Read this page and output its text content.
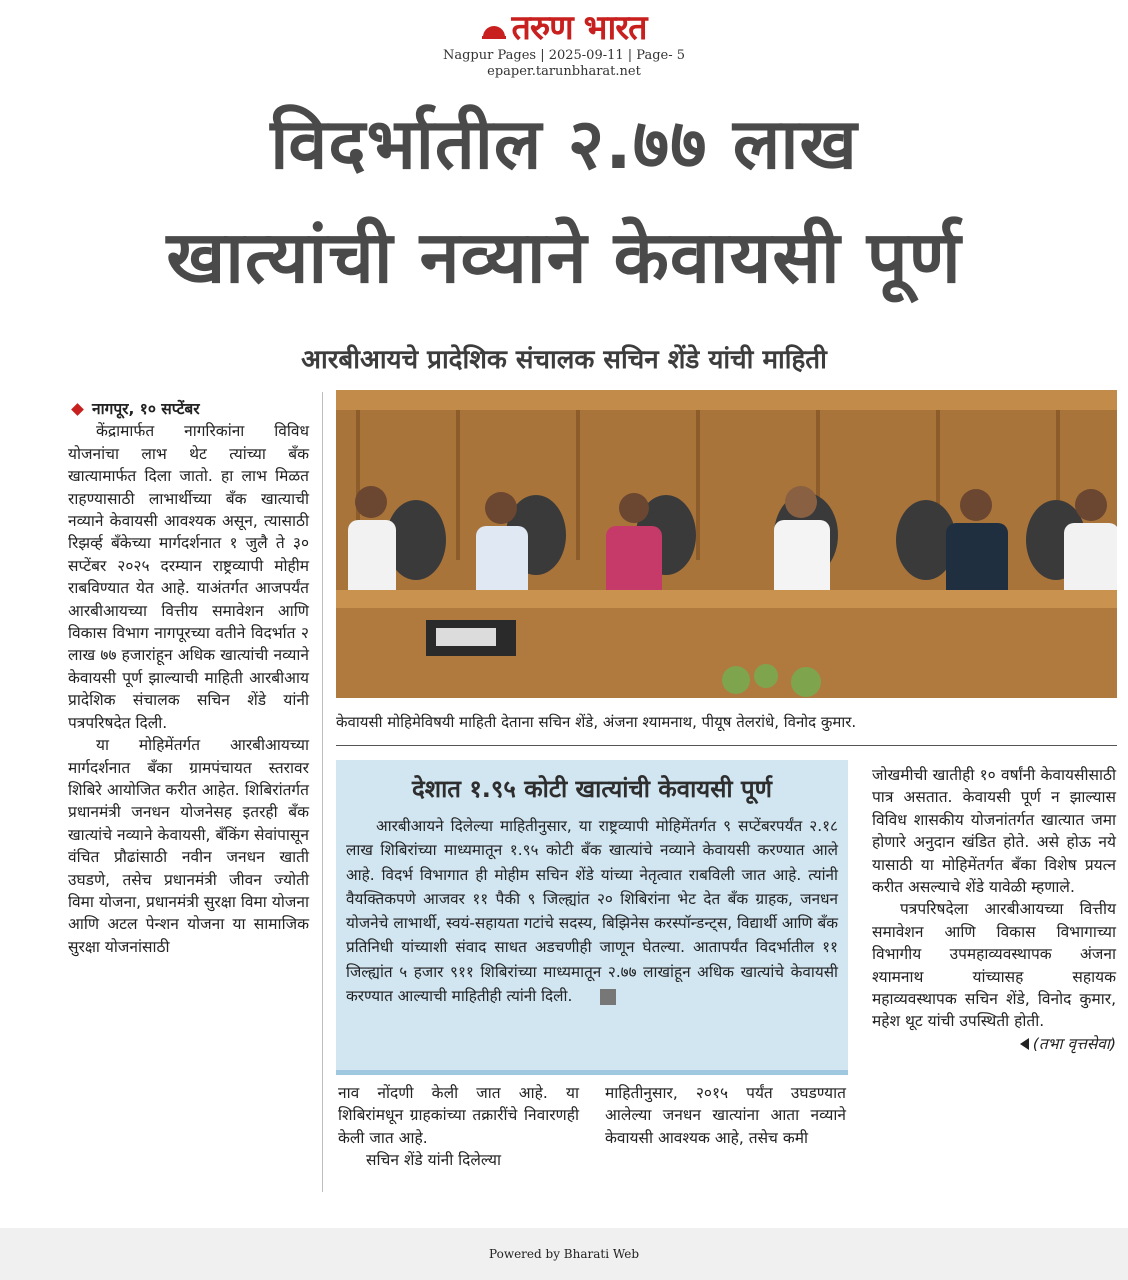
तरुण भारत
Nagpur Pages | 2025-09-11 | Page- 5
epaper.tarunbharat.net
विदर्भातील २.७७ लाख
खात्यांची नव्याने केवायसी पूर्ण
आरबीआयचे प्रादेशिक संचालक सचिन शेंडे यांची माहिती
नागपूर, १० सप्टेंबर

केंद्रामार्फत नागरिकांना विविध योजनांचा लाभ थेट त्यांच्या बँक खात्यामार्फत दिला जातो. हा लाभ मिळत राहण्यासाठी लाभार्थीच्या बँक खात्याची नव्याने केवायसी आवश्यक असून, त्यासाठी रिझर्व्ह बँकेच्या मार्गदर्शनात १ जुलै ते ३० सप्टेंबर २०२५ दरम्यान राष्ट्रव्यापी मोहीम राबविण्यात येत आहे. याअंतर्गत आजपर्यंत आरबीआयच्या वित्तीय समावेशन आणि विकास विभाग नागपूरच्या वतीने विदर्भात २ लाख ७७ हजारांहून अधिक खात्यांची नव्याने केवायसी पूर्ण झाल्याची माहिती आरबीआय प्रादेशिक संचालक सचिन शेंडे यांनी पत्रपरिषदेत दिली.

या मोहिमेंतर्गत आरबीआयच्या मार्गदर्शनात बँका ग्रामपंचायत स्तरावर शिबिरे आयोजित करीत आहेत. शिबिरांतर्गत प्रधानमंत्री जनधन योजनेसह इतरही बँक खात्यांचे नव्याने केवायसी, बँकिंग सेवांपासून वंचित प्रौढांसाठी नवीन जनधन खाती उघडणे, तसेच प्रधानमंत्री जीवन ज्योती विमा योजना, प्रधानमंत्री सुरक्षा विमा योजना आणि अटल पेन्शन योजना या सामाजिक सुरक्षा योजनांसाठी

केवायसी मोहिमेविषयी माहिती देताना सचिन शेंडे, अंजना श्यामनाथ, पीयूष तेलरांधे, विनोद कुमार.
देशात १.९५ कोटी खात्यांची केवायसी पूर्ण

आरबीआयने दिलेल्या माहितीनुसार, या राष्ट्रव्यापी मोहिमेंतर्गत ९ सप्टेंबरपर्यंत २.१८ लाख शिबिरांच्या माध्यमातून १.९५ कोटी बँक खात्यांचे नव्याने केवायसी करण्यात आले आहे. विदर्भ विभागात ही मोहीम सचिन शेंडे यांच्या नेतृत्वात राबविली जात आहे. त्यांनी वैयक्तिकपणे आजवर ११ पैकी ९ जिल्ह्यांत २० शिबिरांना भेट देत बँक ग्राहक, जनधन योजनेचे लाभार्थी, स्वयं-सहायता गटांचे सदस्य, बिझिनेस करस्पॉन्डन्ट्स, विद्यार्थी आणि बँक प्रतिनिधी यांच्याशी संवाद साधत अडचणीही जाणून घेतल्या. आतापर्यंत विदर्भातील ११ जिल्ह्यांत ५ हजार ९११ शिबिरांच्या माध्यमातून २.७७ लाखांहून अधिक खात्यांचे केवायसी करण्यात आल्याची माहितीही त्यांनी दिली.

नाव नोंदणी केली जात आहे. या शिबिरांमधून ग्राहकांच्या तक्रारींचे निवारणही केली जात आहे.

सचिन शेंडे यांनी दिलेल्या

माहितीनुसार, २०१५ पर्यंत उघडण्यात आलेल्या जनधन खात्यांना आता नव्याने केवायसी आवश्यक आहे, तसेच कमी

जोखमीची खातीही १० वर्षांनी केवायसीसाठी पात्र असतात. केवायसी पूर्ण न झाल्यास विविध शासकीय योजनांतर्गत खात्यात जमा होणारे अनुदान खंडित होते. असे होऊ नये यासाठी या मोहिमेंतर्गत बँका विशेष प्रयत्न करीत असल्याचे शेंडे यावेळी म्हणाले.

पत्रपरिषदेला आरबीआयच्या वित्तीय समावेशन आणि विकास विभागाच्या विभागीय उपमहाव्यवस्थापक अंजना श्यामनाथ यांच्यासह सहायक महाव्यवस्थापक सचिन शेंडे, विनोद कुमार, महेश थूट यांची उपस्थिती होती.

(तभा वृत्तसेवा)
Powered by Bharati Web
